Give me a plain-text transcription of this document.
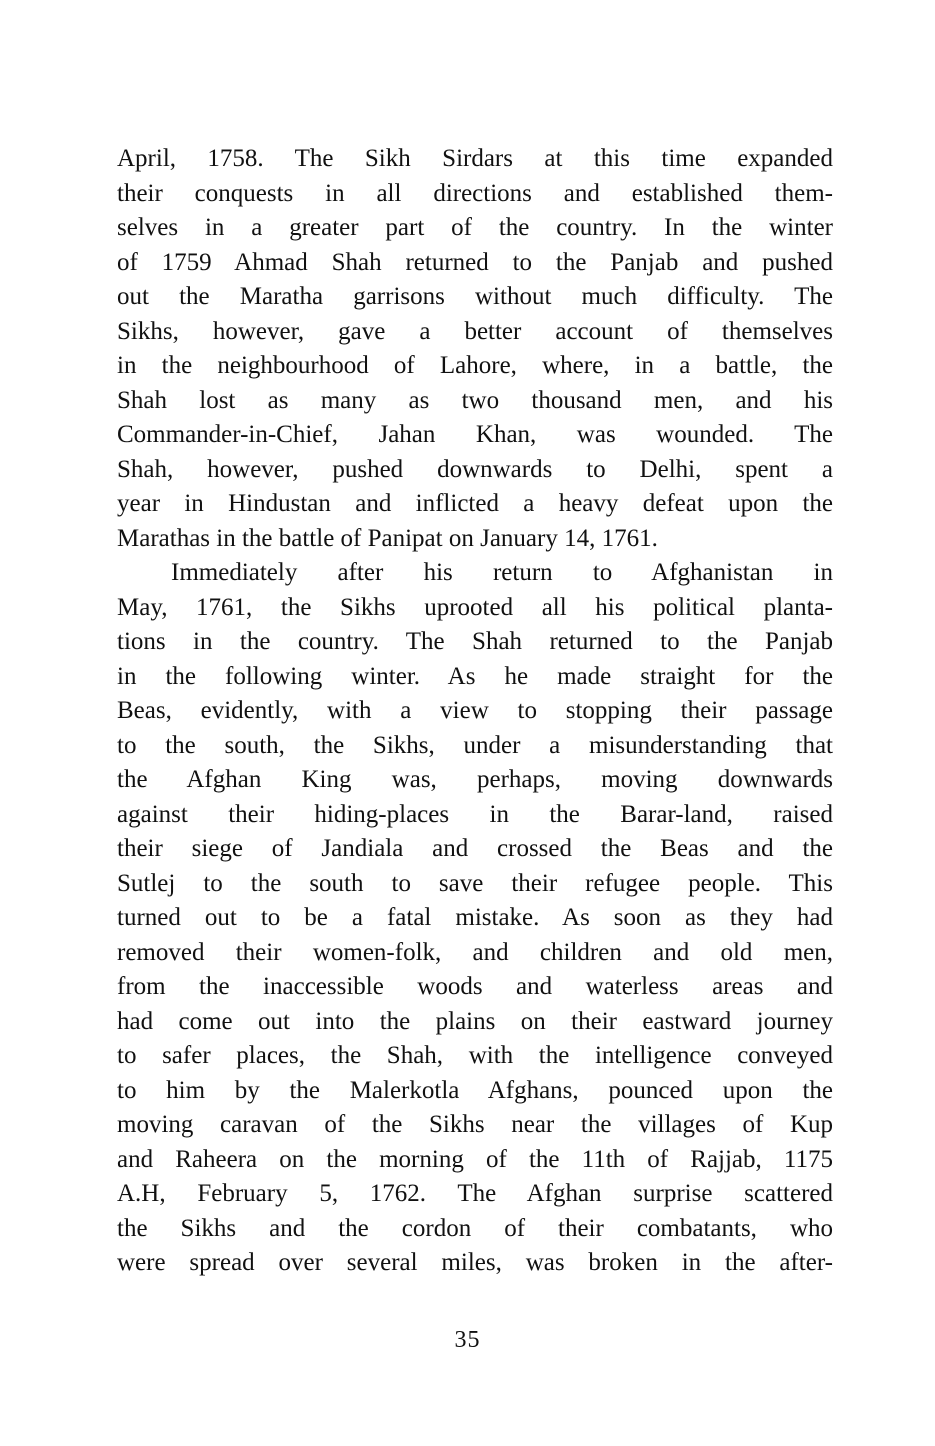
April, 1758. The Sikh Sirdars at this time expanded
their conquests in all directions and established them-
selves in a greater part of the country. In the winter
of 1759 Ahmad Shah returned to the Panjab and pushed
out the Maratha garrisons without much difficulty. The
Sikhs, however, gave a better account of themselves
in the neighbourhood of Lahore, where, in a battle, the
Shah lost as many as two thousand men, and his
Commander-in-Chief, Jahan Khan, was wounded. The
Shah, however, pushed downwards to Delhi, spent a
year in Hindustan and inflicted a heavy defeat upon the
Marathas in the battle of Panipat on January 14, 1761.
Immediately after his return to Afghanistan in
May, 1761, the Sikhs uprooted all his political planta-
tions in the country. The Shah returned to the Panjab
in the following winter. As he made straight for the
Beas, evidently, with a view to stopping their passage
to the south, the Sikhs, under a misunderstanding that
the Afghan King was, perhaps, moving downwards
against their hiding-places in the Barar-land, raised
their siege of Jandiala and crossed the Beas and the
Sutlej to the south to save their refugee people. This
turned out to be a fatal mistake. As soon as they had
removed their women-folk, and children and old men,
from the inaccessible woods and waterless areas and
had come out into the plains on their eastward journey
to safer places, the Shah, with the intelligence conveyed
to him by the Malerkotla Afghans, pounced upon the
moving caravan of the Sikhs near the villages of Kup
and Raheera on the morning of the 11th of Rajjab, 1175
A.H, February 5, 1762. The Afghan surprise scattered
the Sikhs and the cordon of their combatants, who
were spread over several miles, was broken in the after-
35
